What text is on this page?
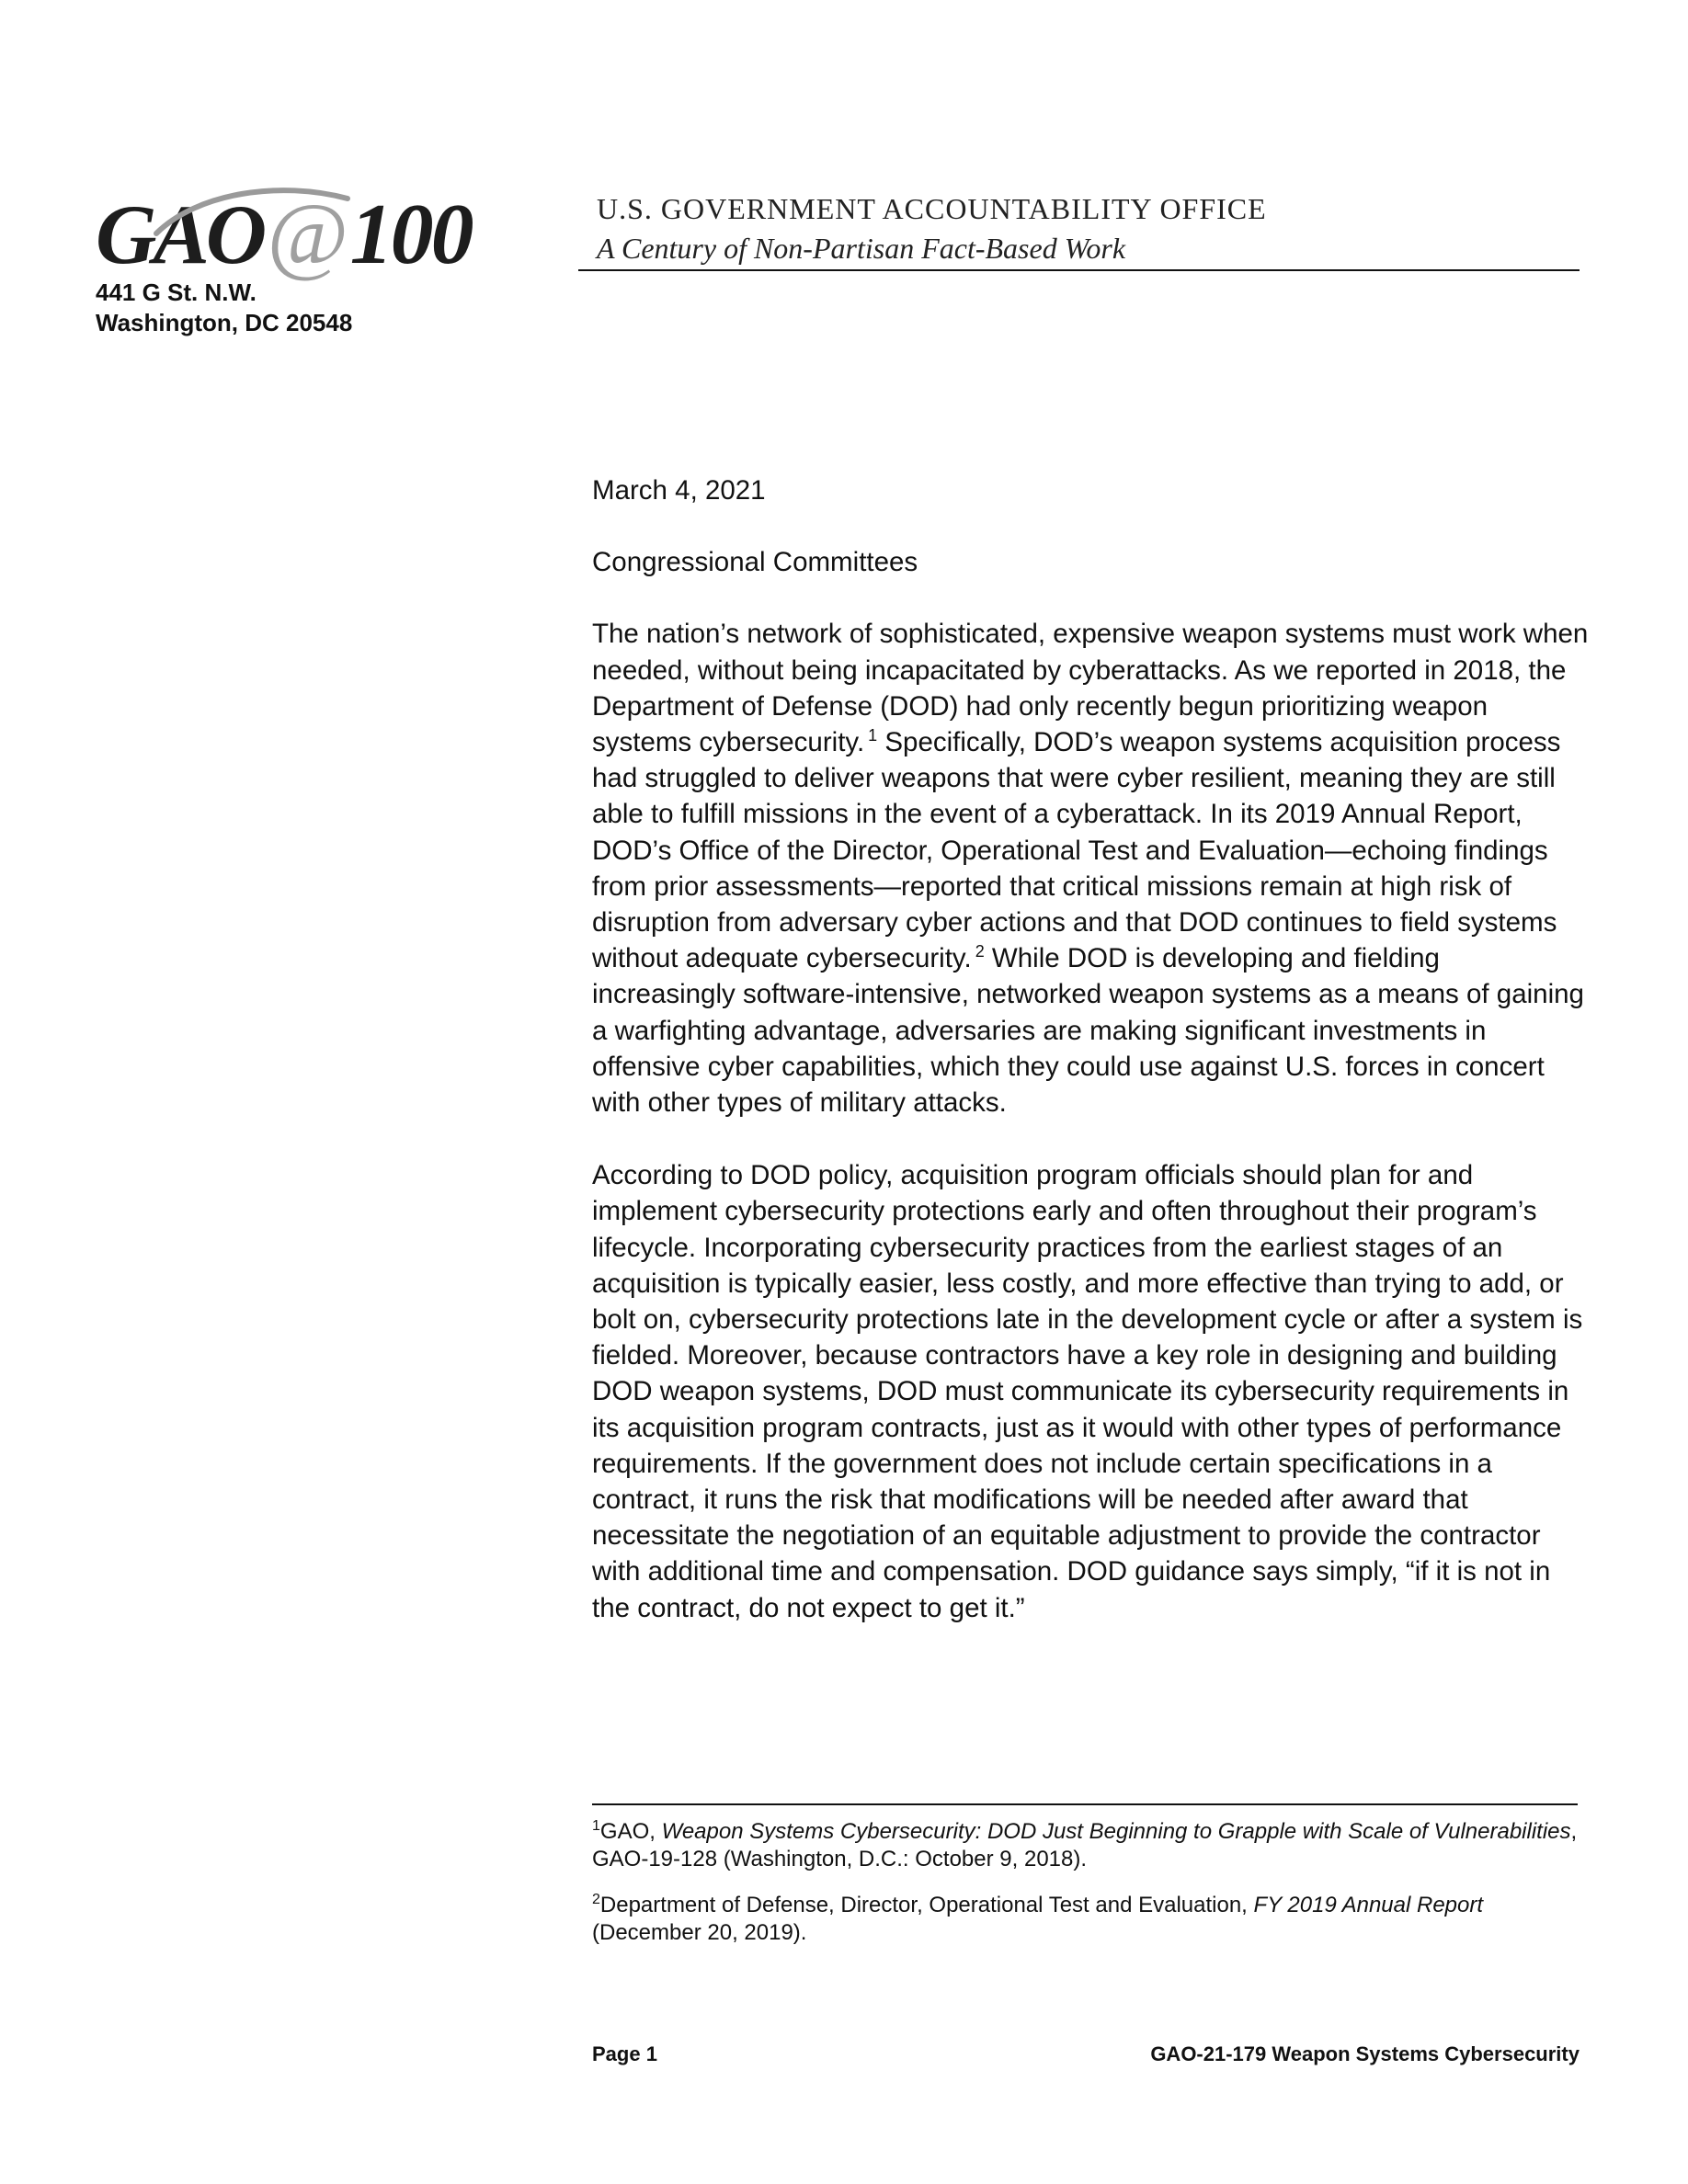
GAO @ 100	U.S. GOVERNMENT ACCOUNTABILITY OFFICE
A Century of Non-Partisan Fact-Based Work
441 G St. N.W.
Washington, DC 20548

March 4, 2021

Congressional Committees

The nation’s network of sophisticated, expensive weapon systems must work when needed, without being incapacitated by cyberattacks. As we reported in 2018, the Department of Defense (DOD) had only recently begun prioritizing weapon systems cybersecurity. $^1$ Specifically, DOD’s weapon systems acquisition process had struggled to deliver weapons that were cyber resilient, meaning they are still able to fulfill missions in the event of a cyberattack. In its 2019 Annual Report, DOD’s Office of the Director, Operational Test and Evaluation—echoing findings from prior assessments—reported that critical missions remain at high risk of disruption from adversary cyber actions and that DOD continues to field systems without adequate cybersecurity. $^2$ While DOD is developing and fielding increasingly software-intensive, networked weapon systems as a means of gaining a warfighting advantage, adversaries are making significant investments in offensive cyber capabilities, which they could use against U.S. forces in concert with other types of military attacks.

According to DOD policy, acquisition program officials should plan for and implement cybersecurity protections early and often throughout their program’s lifecycle. Incorporating cybersecurity practices from the earliest stages of an acquisition is typically easier, less costly, and more effective than trying to add, or bolt on, cybersecurity protections late in the development cycle or after a system is fielded. Moreover, because contractors have a key role in designing and building DOD weapon systems, DOD must communicate its cybersecurity requirements in its acquisition program contracts, just as it would with other types of performance requirements. If the government does not include certain specifications in a contract, it runs the risk that modifications will be needed after award that necessitate the negotiation of an equitable adjustment to provide the contractor with additional time and compensation. DOD guidance says simply, “if it is not in the contract, do not expect to get it.”

$^1$GAO, Weapon Systems Cybersecurity: DOD Just Beginning to Grapple with Scale of Vulnerabilities, GAO-19-128 (Washington, D.C.: October 9, 2018).

$^2$Department of Defense, Director, Operational Test and Evaluation, FY 2019 Annual Report (December 20, 2019).

Page 1	GAO-21-179 Weapon Systems Cybersecurity
